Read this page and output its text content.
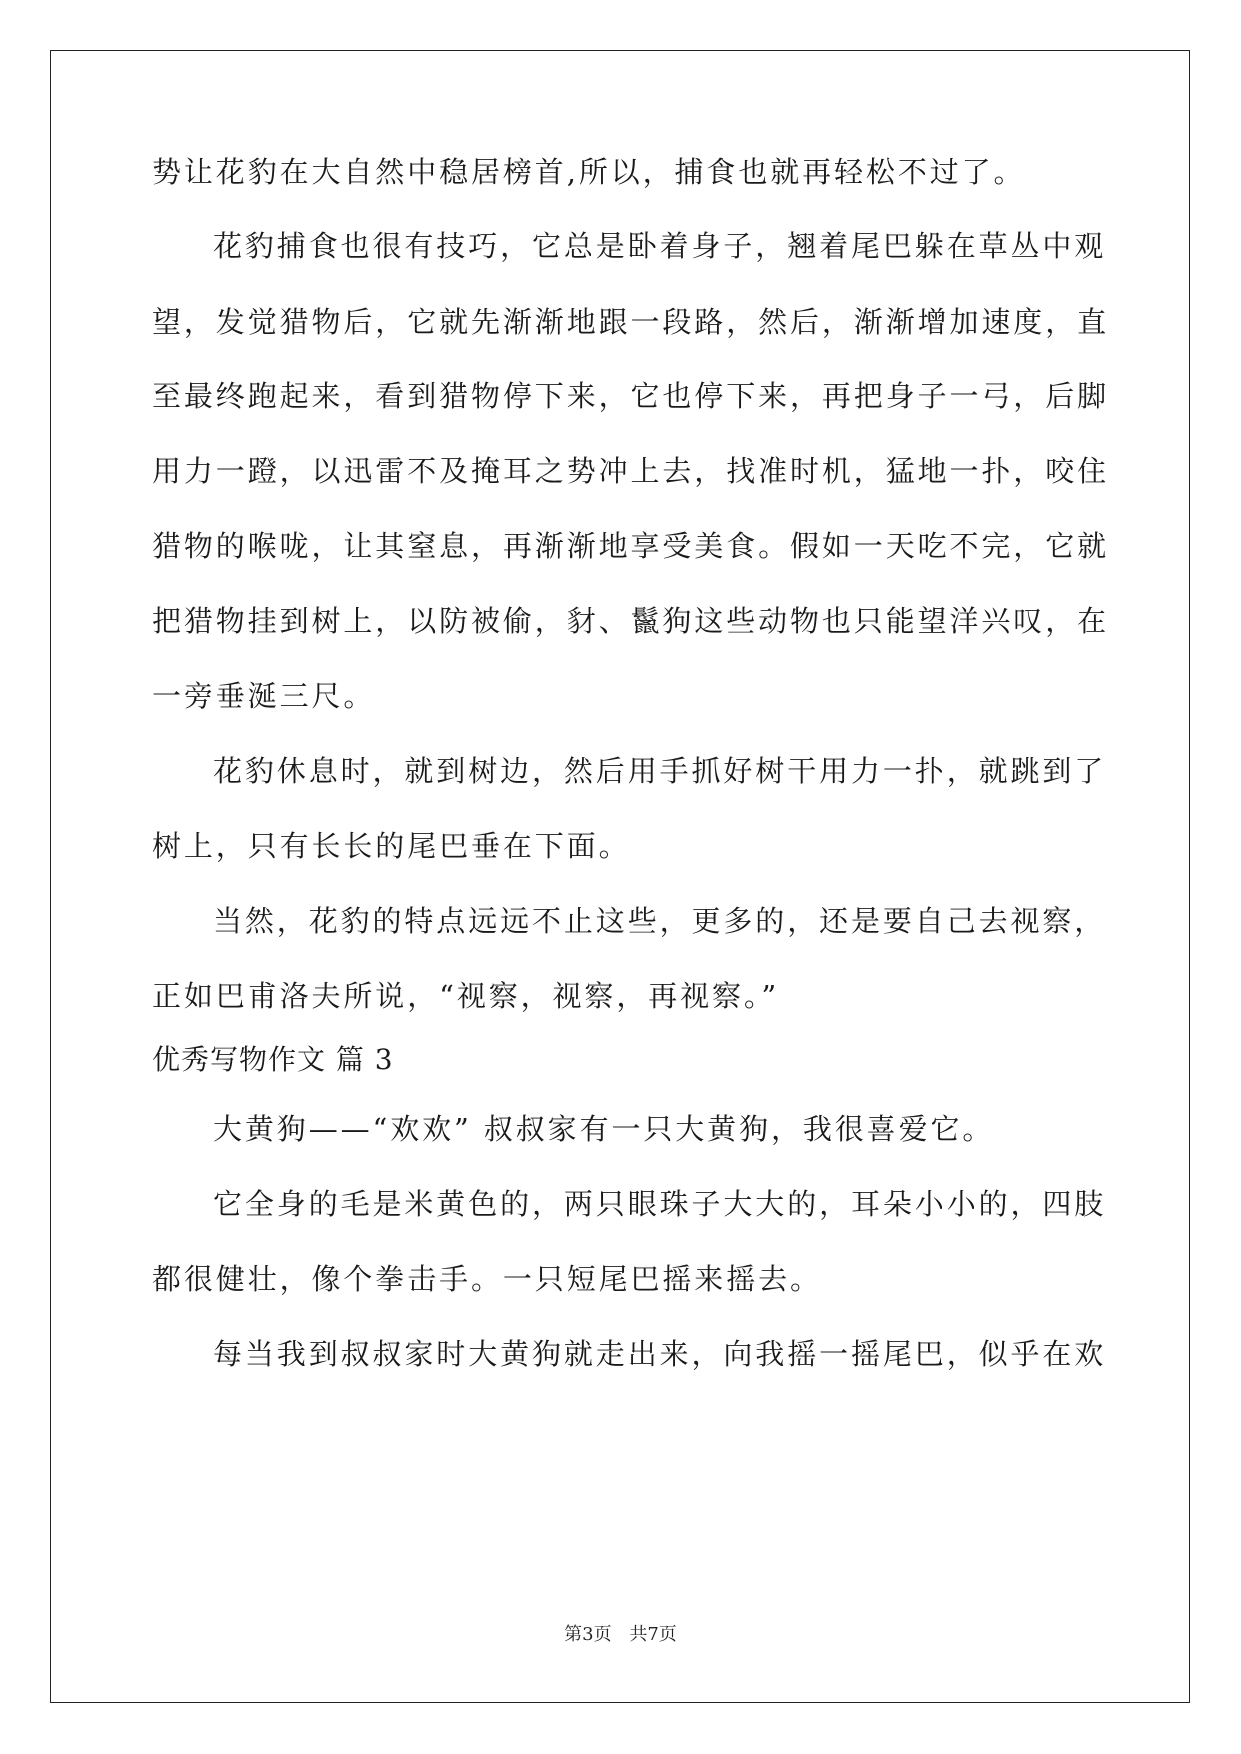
势让花豹在大自然中稳居榜首,所以，捕食也就再轻松不过了。
花豹捕食也很有技巧，它总是卧着身子，翘着尾巴躲在草丛中观
望，发觉猎物后，它就先渐渐地跟一段路，然后，渐渐增加速度，直
至最终跑起来，看到猎物停下来，它也停下来，再把身子一弓，后脚
用力一蹬，以迅雷不及掩耳之势冲上去，找准时机，猛地一扑，咬住
猎物的喉咙，让其窒息，再渐渐地享受美食。假如一天吃不完，它就
把猎物挂到树上，以防被偷，豺、鬣狗这些动物也只能望洋兴叹，在
一旁垂涎三尺。
花豹休息时，就到树边，然后用手抓好树干用力一扑，就跳到了
树上，只有长长的尾巴垂在下面。
当然，花豹的特点远远不止这些，更多的，还是要自己去视察，
正如巴甫洛夫所说，“视察，视察，再视察。”
优秀写物作文 篇 3
大黄狗——“欢欢” 叔叔家有一只大黄狗，我很喜爱它。
它全身的毛是米黄色的，两只眼珠子大大的，耳朵小小的，四肢
都很健壮，像个拳击手。一只短尾巴摇来摇去。
每当我到叔叔家时大黄狗就走出来，向我摇一摇尾巴，似乎在欢
第3页 共7页
